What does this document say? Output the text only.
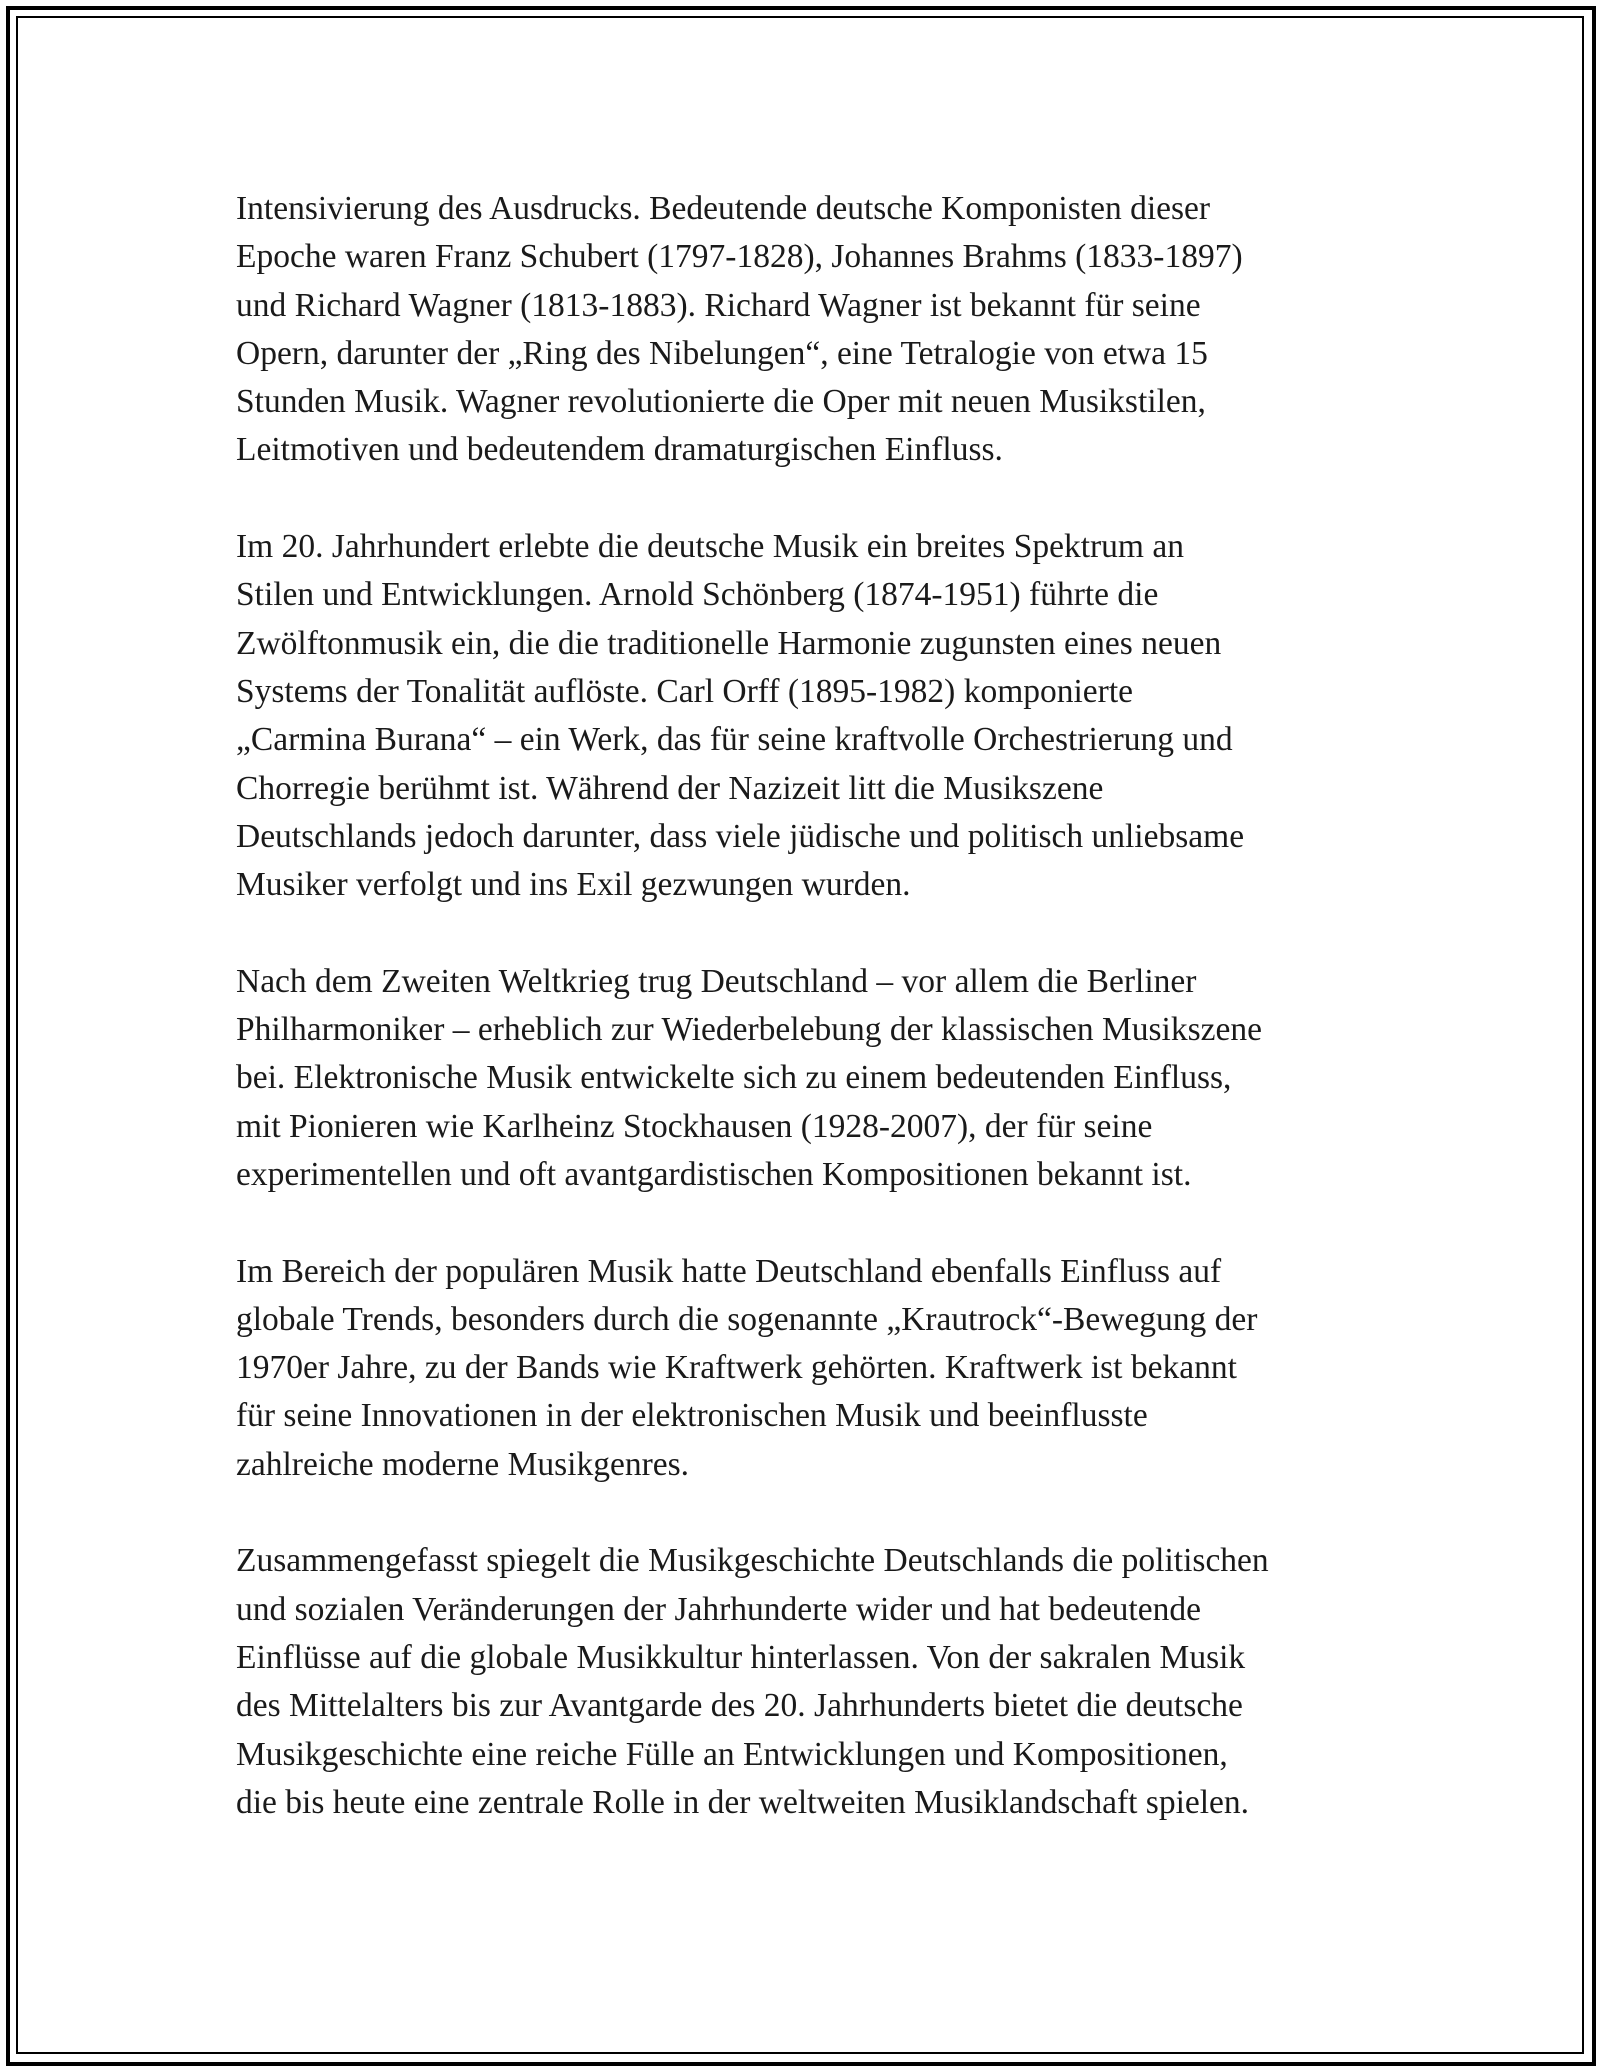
Intensivierung des Ausdrucks. Bedeutende deutsche Komponisten dieser
Epoche waren Franz Schubert (1797-1828), Johannes Brahms (1833-1897)
und Richard Wagner (1813-1883). Richard Wagner ist bekannt für seine
Opern, darunter der „Ring des Nibelungen“, eine Tetralogie von etwa 15
Stunden Musik. Wagner revolutionierte die Oper mit neuen Musikstilen,
Leitmotiven und bedeutendem dramaturgischen Einfluss.

Im 20. Jahrhundert erlebte die deutsche Musik ein breites Spektrum an
Stilen und Entwicklungen. Arnold Schönberg (1874-1951) führte die
Zwölftonmusik ein, die die traditionelle Harmonie zugunsten eines neuen
Systems der Tonalität auflöste. Carl Orff (1895-1982) komponierte
„Carmina Burana“ – ein Werk, das für seine kraftvolle Orchestrierung und
Chorregie berühmt ist. Während der Nazizeit litt die Musikszene
Deutschlands jedoch darunter, dass viele jüdische und politisch unliebsame
Musiker verfolgt und ins Exil gezwungen wurden.

Nach dem Zweiten Weltkrieg trug Deutschland – vor allem die Berliner
Philharmoniker – erheblich zur Wiederbelebung der klassischen Musikszene
bei. Elektronische Musik entwickelte sich zu einem bedeutenden Einfluss,
mit Pionieren wie Karlheinz Stockhausen (1928-2007), der für seine
experimentellen und oft avantgardistischen Kompositionen bekannt ist.

Im Bereich der populären Musik hatte Deutschland ebenfalls Einfluss auf
globale Trends, besonders durch die sogenannte „Krautrock“-Bewegung der
1970er Jahre, zu der Bands wie Kraftwerk gehörten. Kraftwerk ist bekannt
für seine Innovationen in der elektronischen Musik und beeinflusste
zahlreiche moderne Musikgenres.

Zusammengefasst spiegelt die Musikgeschichte Deutschlands die politischen
und sozialen Veränderungen der Jahrhunderte wider und hat bedeutende
Einflüsse auf die globale Musikkultur hinterlassen. Von der sakralen Musik
des Mittelalters bis zur Avantgarde des 20. Jahrhunderts bietet die deutsche
Musikgeschichte eine reiche Fülle an Entwicklungen und Kompositionen,
die bis heute eine zentrale Rolle in der weltweiten Musiklandschaft spielen.
